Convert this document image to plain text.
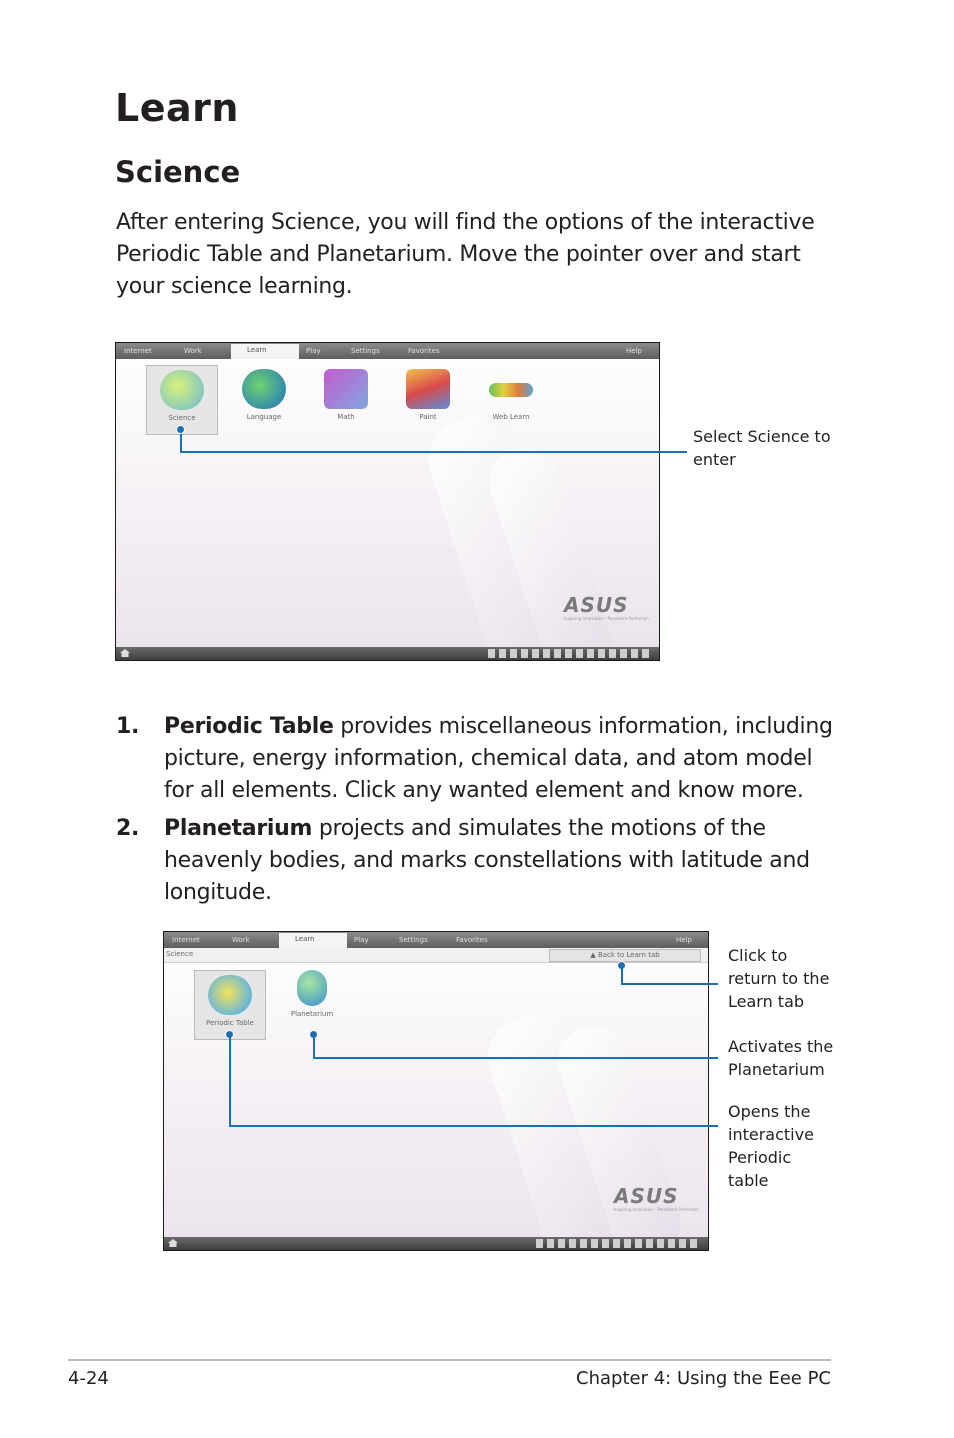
Learn
Science
After entering Science, you will find the options of the interactive Periodic Table and Planetarium. Move the pointer over and start your science learning.
Internet	Work	Learn	Play	Settings	Favorites	Help
Science	Language	Math	Paint	Web Learn
ASUS
Inspiring Innovation · Persistent Perfection
Select Science to enter
1. Periodic Table provides miscellaneous information, including picture, energy information, chemical data, and atom model for all elements. Click any wanted element and know more.
2. Planetarium projects and simulates the motions of the heavenly bodies, and marks constellations with latitude and longitude.
Internet	Work	Learn	Play	Settings	Favorites	Help
Science	▲ Back to Learn tab
Periodic Table
Planetarium
ASUS
Inspiring Innovation · Persistent Perfection
Click to return to the Learn tab
Activates the Planetarium
Opens the interactive Periodic table
4-24	Chapter 4: Using the Eee PC
